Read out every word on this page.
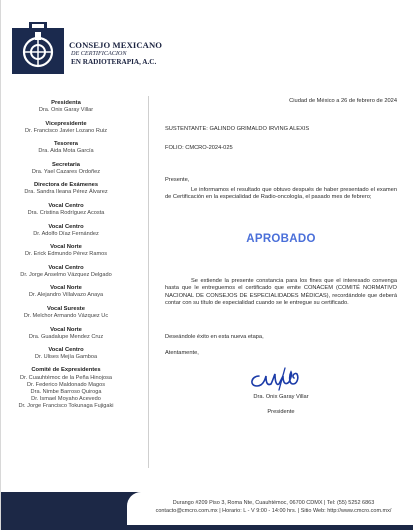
CONSEJO MEXICANO
DE CERTIFICACION
EN RADIOTERAPIA, A.C.
Presidenta
Dra. Onix Garay Villar
Vicepresidente
Dr. Francisco Javier Lozano Ruiz
Tesorera
Dra. Aida Mota García
Secretaria
Dra. Yael Cazares Ordoñez
Directora de Exámenes
Dra. Sandra Ileana Pérez Álvarez
Vocal Centro
Dra. Cristina Rodríguez Acosta
Vocal Centro
Dr. Adolfo Díaz Fernández
Vocal Norte
Dr. Erick Edmundo Pérez Ramos
Vocal Centro
Dr. Jorge Anselmo Vázquez Delgado
Vocal Norte
Dr. Alejandro Villalvazo Anaya
Vocal Sureste
Dr. Melchor Armando Vázquez Uc
Vocal Norte
Dra. Guadalupe Mendez Cruz
Vocal Centro
Dr. Ulises Mejía Gamboa
Comité de Expresidentes
Dr. Cuauhtémoc de la Peña Hinojosa
Dr. Federico Maldonado Magos
Dra. Nimbe Barroso Quiroga
Dr. Ismael Moyaho Acevedo
Dr. Jorge Francisco Tokunaga Fujigaki
Ciudad de México a 26 de febrero de 2024
SUSTENTANTE: GALINDO GRIMALDO IRVING ALEXIS
FOLIO: CMCRO-2024-025
Presente,
Le informamos el resultado que obtuvo después de haber presentado el examen de Certificación en la especialidad de Radio-oncología, el pasado mes de febrero;
APROBADO
Se extiende la presente constancia para los fines que el interesado convenga hasta que le entreguemos el certificado que emite CONACEM (COMITÉ NORMATIVO NACIONAL DE CONSEJOS DE ESPECIALIDADES MÉDICAS), recordándole que deberá contar con su título de especialidad cuando se le entregue su certificado.
Deseándole éxito en esta nueva etapa,
Atentamente,
Dra. Onix Garay Villar
Presidente
Durango #209 Piso 3, Roma Nte, Cuauhtémoc, 06700 CDMX | Tel: (55) 5252 6863
contacto@cmcro.com.mx | Horario: L - V 9:00 - 14:00 hrs. | Sitio Web: http://www.cmcro.com.mx/
